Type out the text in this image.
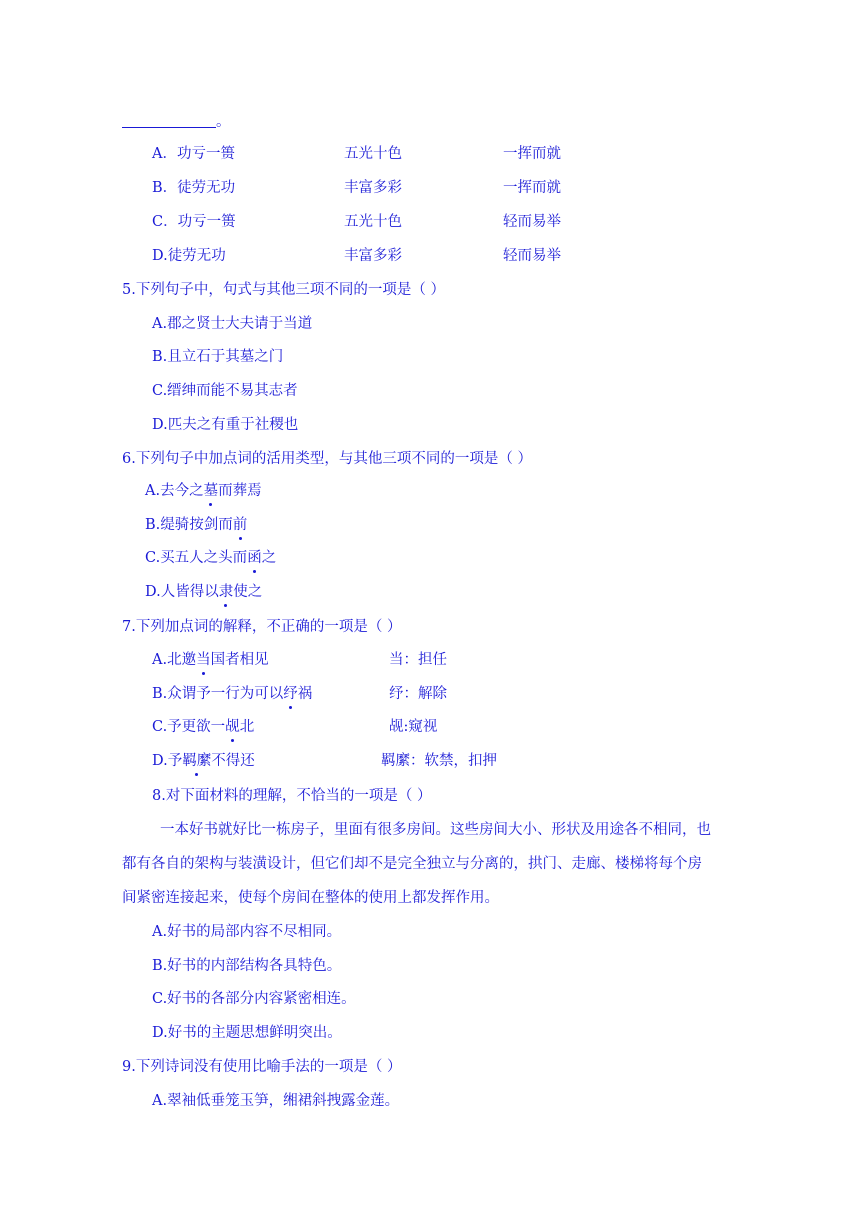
。
A．功亏一篑	五光十色	一挥而就
B．徒劳无功	丰富多彩	一挥而就
C．功亏一篑	五光十色	轻而易举
D.徒劳无功	丰富多彩	轻而易举
5.下列句子中，句式与其他三项不同的一项是（ ）
A.郡之贤士大夫请于当道
B.且立石于其墓之门
C.缙绅而能不易其志者
D.匹夫之有重于社稷也
6.下列句子中加点词的活用类型，与其他三项不同的一项是（ ）
A.去今之墓而葬焉
B.缇骑按剑而前
C.买五人之头而函之
D.人皆得以隶使之
7.下列加点词的解释，不正确的一项是（ ）
A.北邀当国者相见	当：担任
B.众谓予一行为可以纾祸	纾：解除
C.予更欲一觇北	觇:窥视
D.予羁縻不得还	羁縻：软禁，扣押
8.对下面材料的理解，不恰当的一项是（ ）
一本好书就好比一栋房子，里面有很多房间。这些房间大小、形状及用途各不相同，也
都有各自的架构与装潢设计，但它们却不是完全独立与分离的，拱门、走廊、楼梯将每个房
间紧密连接起来，使每个房间在整体的使用上都发挥作用。
A.好书的局部内容不尽相同。
B.好书的内部结构各具特色。
C.好书的各部分内容紧密相连。
D.好书的主题思想鲜明突出。
9.下列诗词没有使用比喻手法的一项是（ ）
A.翠袖低垂笼玉笋，缃裙斜拽露金莲。
